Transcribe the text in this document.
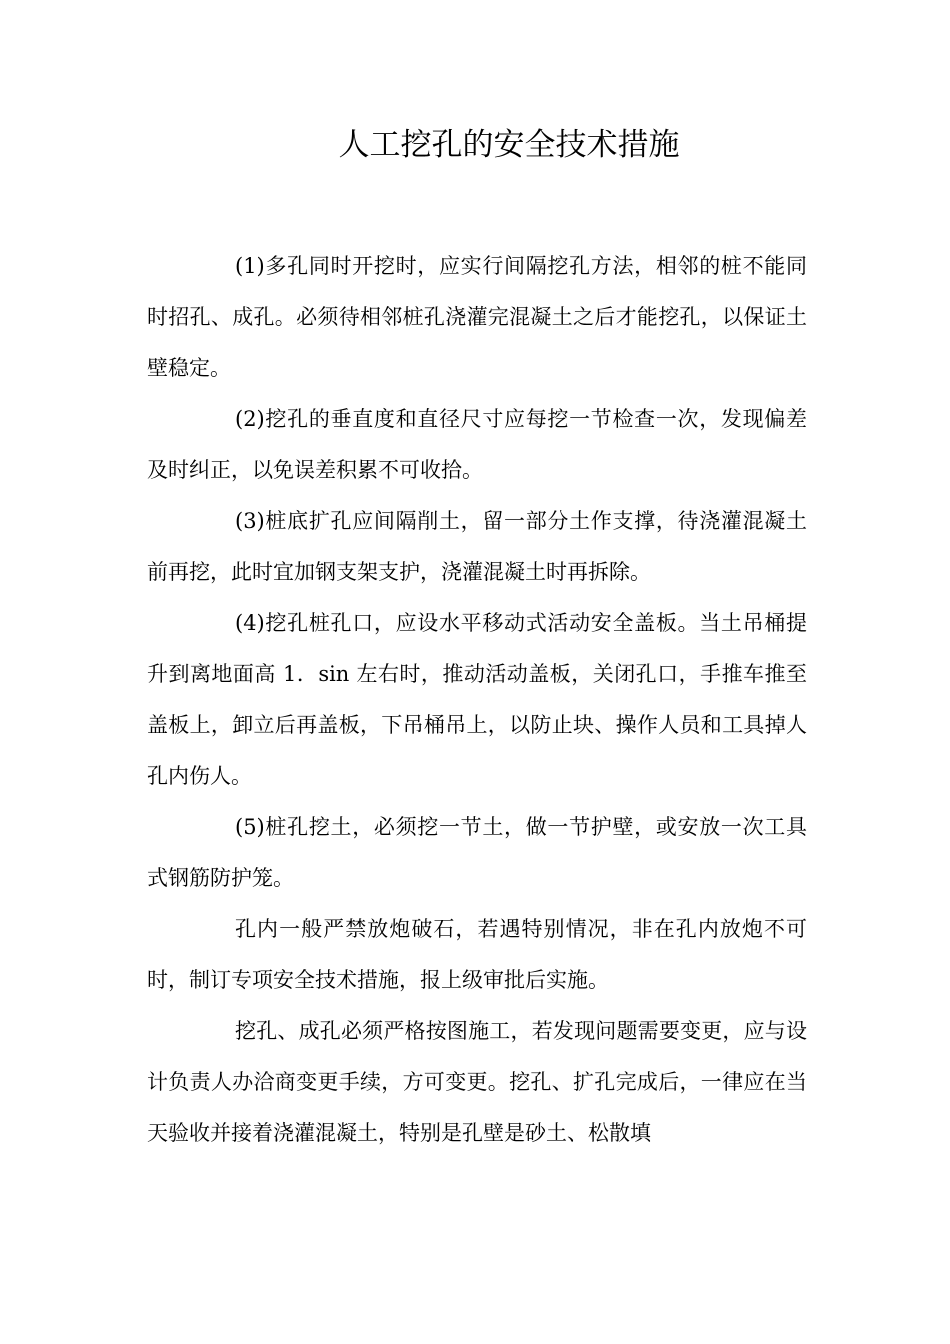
人工挖孔的安全技术措施

(1)多孔同时开挖时，应实行间隔挖孔方法，相邻的桩不能同时招孔、成孔。必须待相邻桩孔浇灌完混凝土之后才能挖孔，以保证土壁稳定。

(2)挖孔的垂直度和直径尺寸应每挖一节检查一次，发现偏差及时纠正，以免误差积累不可收拾。

(3)桩底扩孔应间隔削土，留一部分土作支撑，待浇灌混凝土前再挖，此时宜加钢支架支护，浇灌混凝土时再拆除。

(4)挖孔桩孔口，应设水平移动式活动安全盖板。当土吊桶提升到离地面高 1．sin 左右时，推动活动盖板，关闭孔口，手推车推至盖板上，卸立后再盖板，下吊桶吊上，以防止块、操作人员和工具掉人孔内伤人。

(5)桩孔挖土，必须挖一节土，做一节护壁，或安放一次工具式钢筋防护笼。

孔内一般严禁放炮破石，若遇特别情况，非在孔内放炮不可时，制订专项安全技术措施，报上级审批后实施。

挖孔、成孔必须严格按图施工，若发现问题需要变更，应与设计负责人办洽商变更手续，方可变更。挖孔、扩孔完成后，一律应在当天验收并接着浇灌混凝土，特别是孔壁是砂土、松散填
